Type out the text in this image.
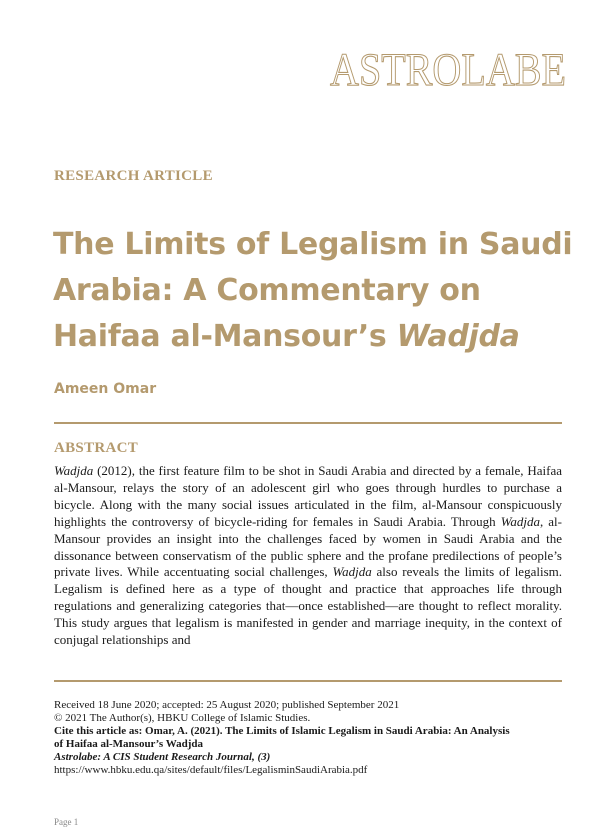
ASTROLABE
RESEARCH ARTICLE
The Limits of Legalism in Saudi
Arabia: A Commentary on
Haifaa al-Mansour’s Wadjda
Ameen Omar
ABSTRACT
Wadjda (2012), the first feature film to be shot in Saudi Arabia and directed by a female, Haifaa al-Mansour, relays the story of an adolescent girl who goes through hurdles to purchase a bicycle. Along with the many social issues articulated in the film, al-Mansour conspicuously highlights the controversy of bicycle-riding for females in Saudi Arabia. Through Wadjda, al-Mansour provides an insight into the challenges faced by women in Saudi Arabia and the dissonance between conservatism of the public sphere and the profane predilections of people’s private lives. While accentuating social challenges, Wadjda also reveals the limits of legalism. Legalism is defined here as a type of thought and practice that approaches life through regulations and generalizing categories that—once established—are thought to reflect morality. This study argues that legalism is manifested in gender and marriage inequity, in the context of conjugal relationships and
Received 18 June 2020; accepted: 25 August 2020; published September 2021
© 2021 The Author(s), HBKU College of Islamic Studies.
Cite this article as: Omar, A. (2021). The Limits of Islamic Legalism in Saudi Arabia: An Analysis
of Haifaa al-Mansour’s Wadjda
Astrolabe: A CIS Student Research Journal, (3)
https://www.hbku.edu.qa/sites/default/files/LegalisminSaudiArabia.pdf
Page 1
